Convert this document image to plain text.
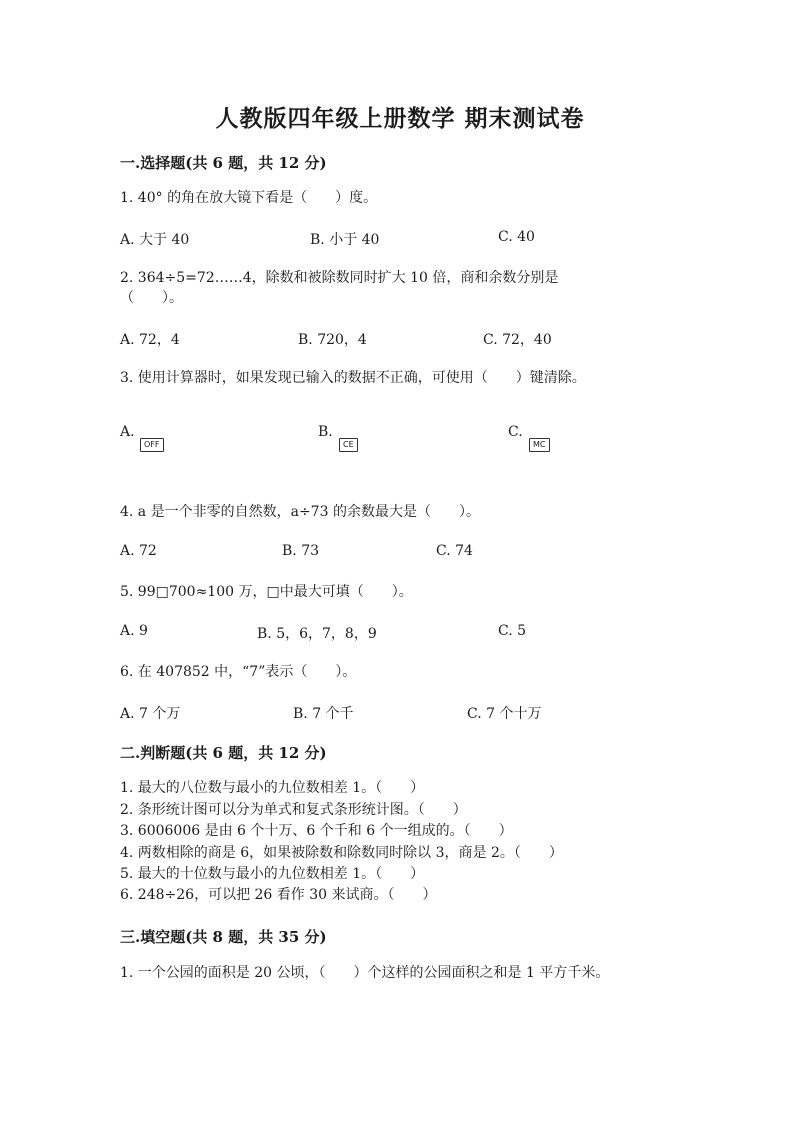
人教版四年级上册数学 期末测试卷
一.选择题(共 6 题，共 12 分)
1. 40° 的角在放大镜下看是（　　）度。
A. 大于 40	B. 小于 40	C. 40
2. 364÷5=72……4，除数和被除数同时扩大 10 倍，商和余数分别是（　　）。
A. 72，4	B. 720，4	C. 72，40
3. 使用计算器时，如果发现已输入的数据不正确，可使用（　　）键清除。
A.
OFF
B.
CE
C.
MC
4. a 是一个非零的自然数，a÷73 的余数最大是（　　）。
A. 72	B. 73	C. 74
5. 99□700≈100 万，□中最大可填（　　）。
A. 9	B. 5，6，7，8，9	C. 5
6. 在 407852 中，“7”表示（　　）。
A. 7 个万	B. 7 个千	C. 7 个十万
二.判断题(共 6 题，共 12 分)
1. 最大的八位数与最小的九位数相差 1。（　　）
2. 条形统计图可以分为单式和复式条形统计图。（　　）
3. 6006006 是由 6 个十万、6 个千和 6 个一组成的。（　　）
4. 两数相除的商是 6，如果被除数和除数同时除以 3，商是 2。（　　）
5. 最大的十位数与最小的九位数相差 1。（　　）
6. 248÷26，可以把 26 看作 30 来试商。（　　）
三.填空题(共 8 题，共 35 分)
1. 一个公园的面积是 20 公顷，（　　）个这样的公园面积之和是 1 平方千米。
